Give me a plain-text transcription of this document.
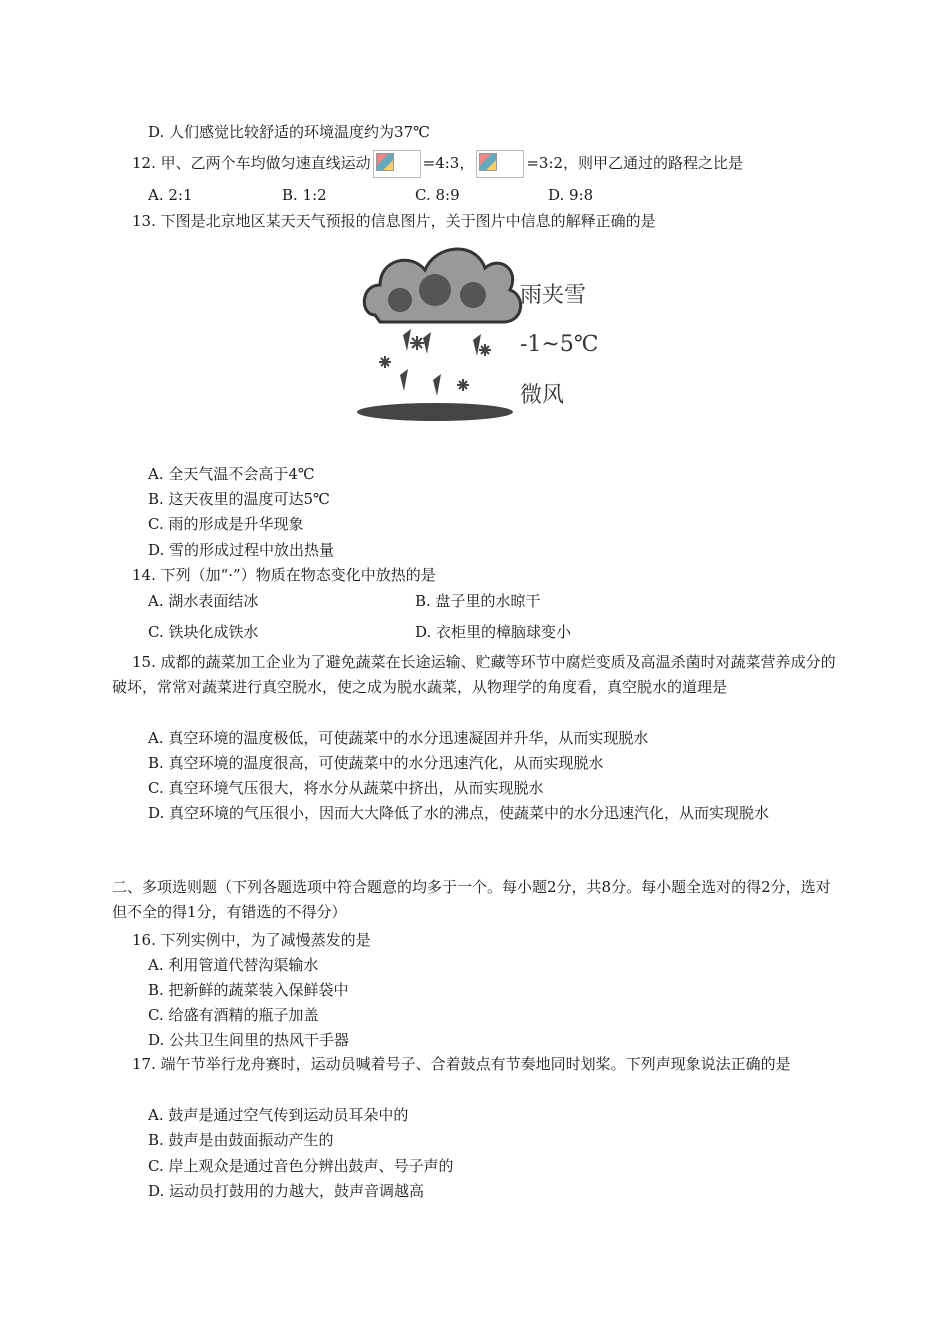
D. 人们感觉比较舒适的环境温度约为37℃
12. 甲、乙两个车均做匀速直线运动	=4:3，	=3:2，则甲乙通过的路程之比是
A. 2:1	B. 1:2	C. 8:9	D. 9:8
13. 下图是北京地区某天天气预报的信息图片，关于图片中信息的解释正确的是
雨夹雪
-1~5℃
微风
A. 全天气温不会高于4℃
B. 这天夜里的温度可达5℃
C. 雨的形成是升华现象
D. 雪的形成过程中放出热量
14. 下列（加“·”）物质在物态变化中放热的是
A. 湖水表面结冰	B. 盘子里的水晾干
C. 铁块化成铁水	D. 衣柜里的樟脑球变小
15. 成都的蔬菜加工企业为了避免蔬菜在长途运输、贮藏等环节中腐烂变质及高温杀菌时对蔬菜营养成分的破坏，常常对蔬菜进行真空脱水，使之成为脱水蔬菜，从物理学的角度看，真空脱水的道理是
A. 真空环境的温度极低，可使蔬菜中的水分迅速凝固并升华，从而实现脱水
B. 真空环境的温度很高，可使蔬菜中的水分迅速汽化，从而实现脱水
C. 真空环境气压很大，将水分从蔬菜中挤出，从而实现脱水
D. 真空环境的气压很小，因而大大降低了水的沸点，使蔬菜中的水分迅速汽化，从而实现脱水
二、多项选则题（下列各题选项中符合题意的均多于一个。每小题2分，共8分。每小题全选对的得2分，选对但不全的得1分，有错选的不得分）
16. 下列实例中，为了减慢蒸发的是
A. 利用管道代替沟渠输水
B. 把新鲜的蔬菜装入保鲜袋中
C. 给盛有酒精的瓶子加盖
D. 公共卫生间里的热风干手器
17. 端午节举行龙舟赛时，运动员喊着号子、合着鼓点有节奏地同时划桨。下列声现象说法正确的是
A. 鼓声是通过空气传到运动员耳朵中的
B. 鼓声是由鼓面振动产生的
C. 岸上观众是通过音色分辨出鼓声、号子声的
D. 运动员打鼓用的力越大，鼓声音调越高
